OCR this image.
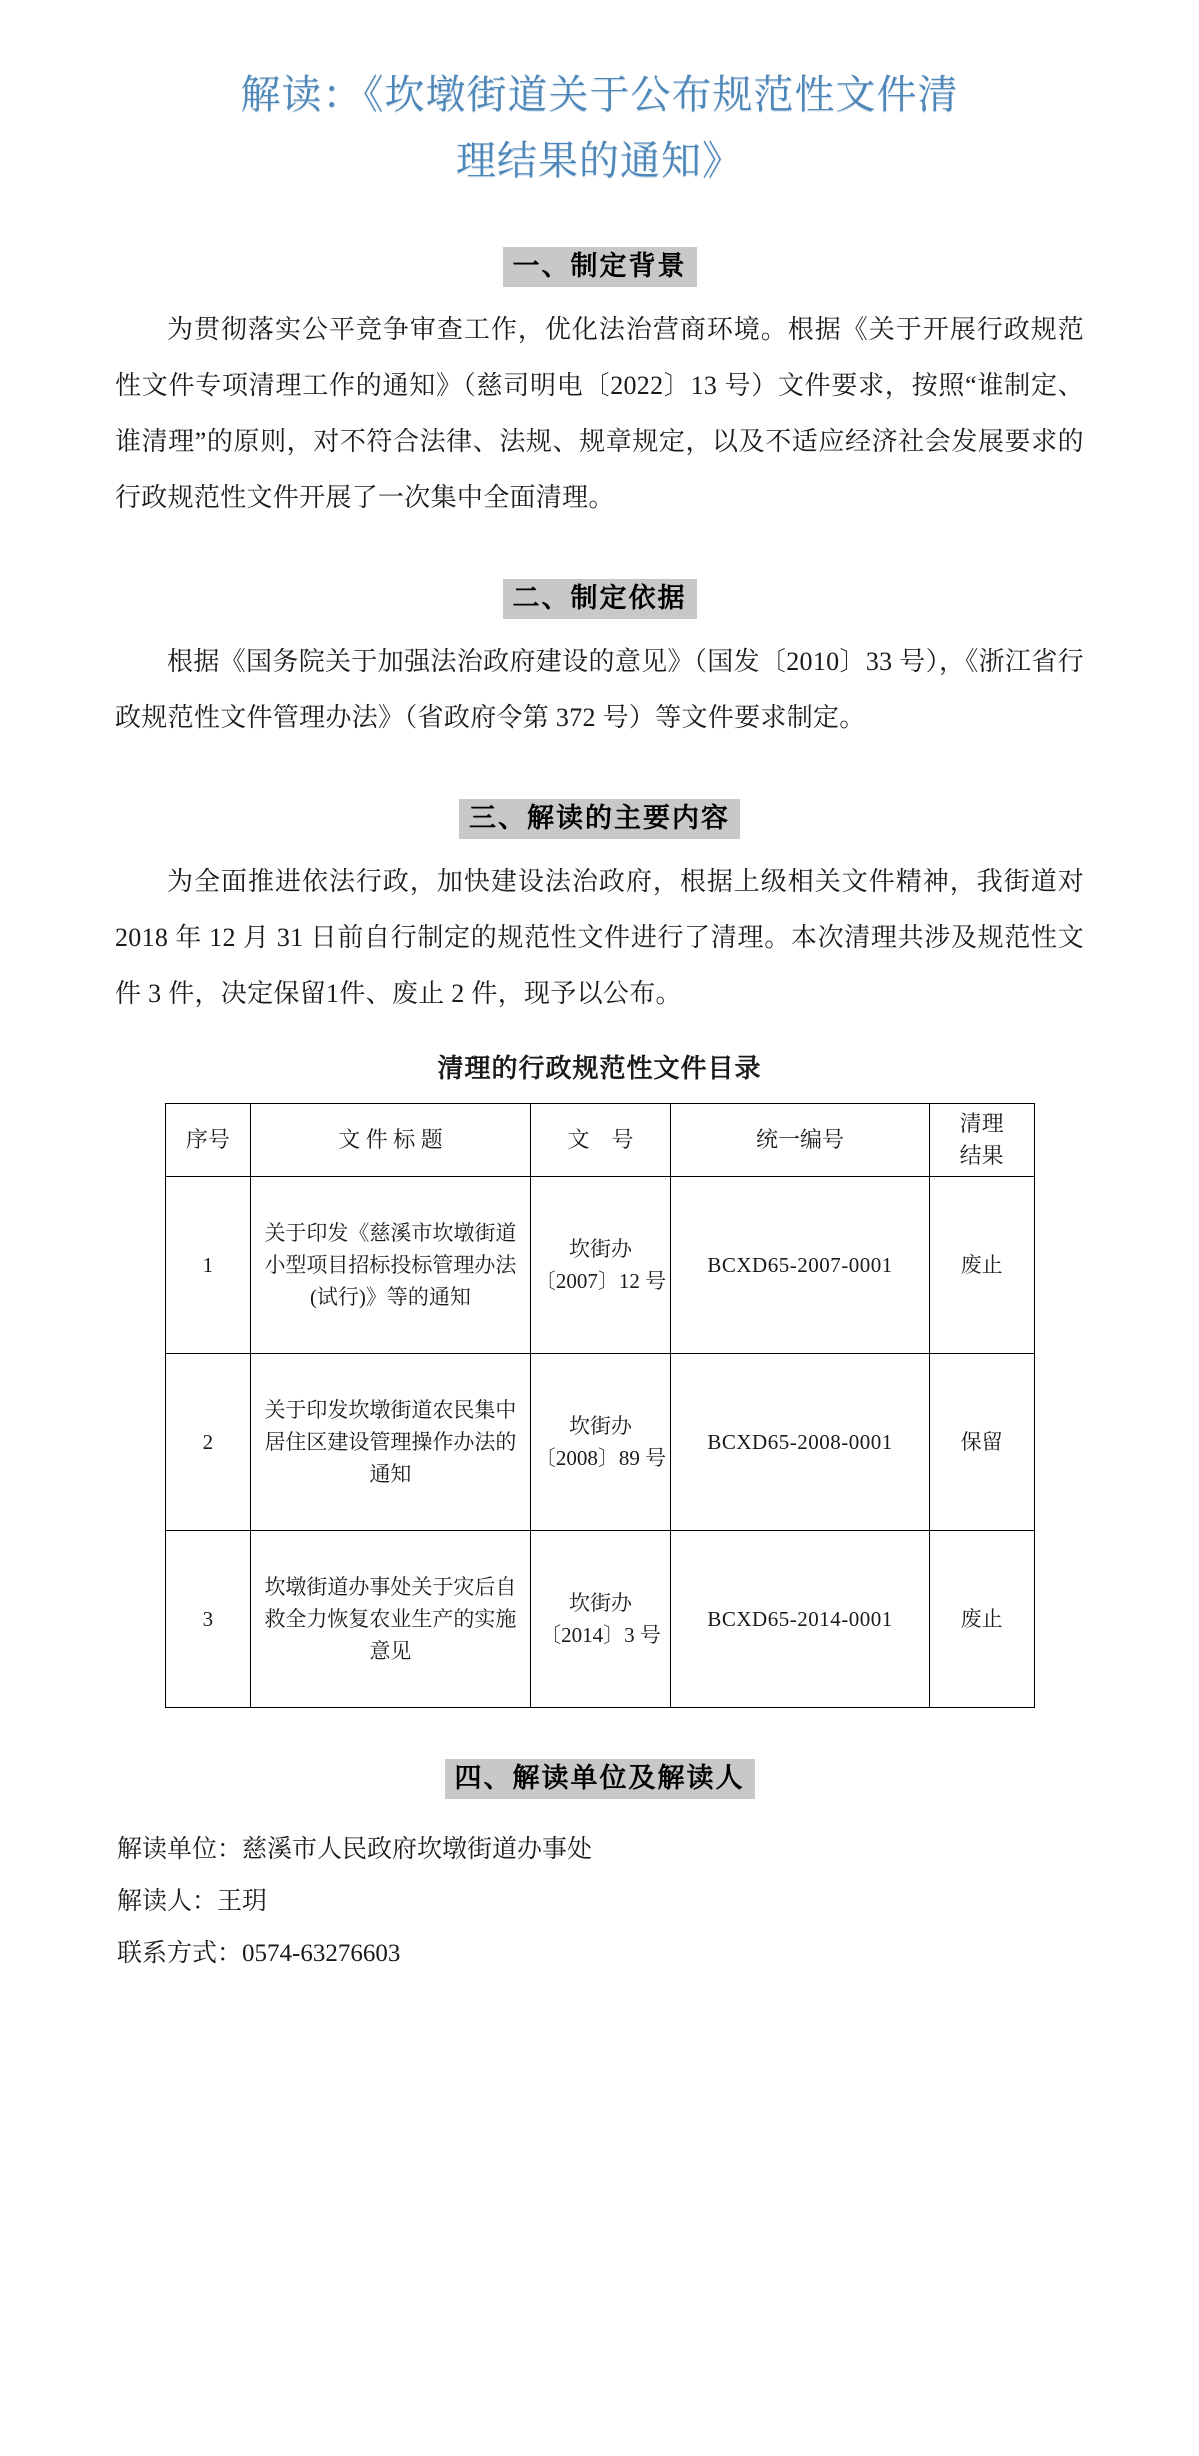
解读：《坎墩街道关于公布规范性文件清
理结果的通知》
一、制定背景

为贯彻落实公平竞争审查工作，优化法治营商环境。根据《关于开展行政规范性文件专项清理工作的通知》（慈司明电〔2022〕13 号）文件要求，按照“谁制定、谁清理”的原则，对不符合法律、法规、规章规定，以及不适应经济社会发展要求的行政规范性文件开展了一次集中全面清理。

二、制定依据

根据《国务院关于加强法治政府建设的意见》（国发〔2010〕33 号），《浙江省行政规范性文件管理办法》（省政府令第 372 号）等文件要求制定。

三、解读的主要内容

为全面推进依法行政，加快建设法治政府，根据上级相关文件精神，我街道对 2018 年 12 月 31 日前自行制定的规范性文件进行了清理。本次清理共涉及规范性文件 3 件，决定保留1件、废止 2 件，现予以公布。

清理的行政规范性文件目录
序号	文 件 标 题	文　号	统一编号	清理
结果

1	关于印发《慈溪市坎墩街道小型项目招标投标管理办法(试行)》等的通知	坎街办〔2007〕12 号	BCXD65-2007-0001	废止
2	关于印发坎墩街道农民集中居住区建设管理操作办法的通知	坎街办〔2008〕89 号	BCXD65-2008-0001	保留
3	坎墩街道办事处关于灾后自救全力恢复农业生产的实施意见	坎街办〔2014〕3 号	BCXD65-2014-0001	废止
四、解读单位及解读人

解读单位：慈溪市人民政府坎墩街道办事处

解读人：王玥

联系方式：0574-63276603
